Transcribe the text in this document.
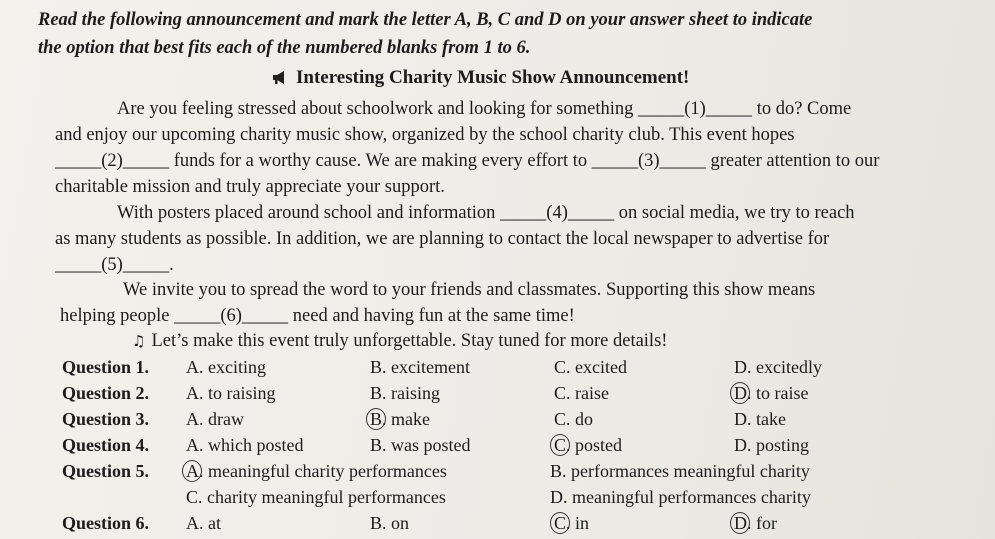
Read the following announcement and mark the letter A, B, C and D on your answer sheet to indicate
the option that best fits each of the numbered blanks from 1 to 6.
Interesting Charity Music Show Announcement!
Are you feeling stressed about schoolwork and looking for something _____(1)_____ to do? Come
and enjoy our upcoming charity music show, organized by the school charity club. This event hopes
_____(2)_____ funds for a worthy cause. We are making every effort to _____(3)_____ greater attention to our
charitable mission and truly appreciate your support.
With posters placed around school and information _____(4)_____ on social media, we try to reach
as many students as possible. In addition, we are planning to contact the local newspaper to advertise for
_____(5)_____.
We invite you to spread the word to your friends and classmates. Supporting this show means
helping people _____(6)_____ need and having fun at the same time!
♫ Let’s make this event truly unforgettable. Stay tuned for more details!
Question 1. A. exciting	B. excitement	C. excited	D. excitedly
Question 2. A. to raising	B. raising	C. raise	D. to raise
Question 3. A. draw	B. make	C. do	D. take
Question 4. A. which posted	B. was posted	C. posted	D. posting
Question 5. A. meaningful charity performances	B. performances meaningful charity
C. charity meaningful performances	D. meaningful performances charity
Question 6. A. at	B. on	C. in	D. for
